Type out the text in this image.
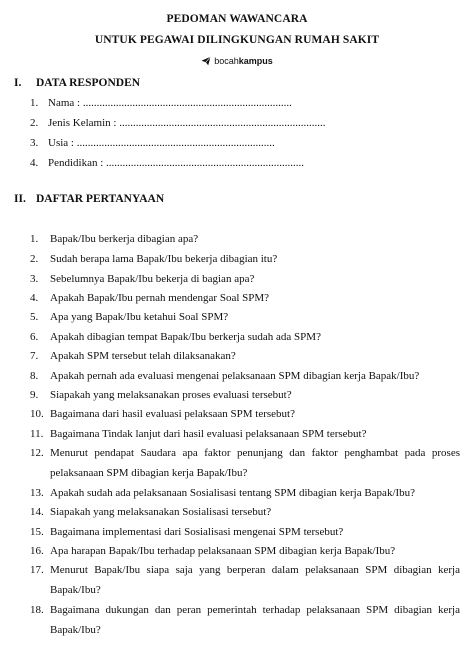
PEDOMAN WAWANCARA
UNTUK PEGAWAI DILINGKUNGAN RUMAH SAKIT
bocah kampus
I. DATA RESPONDEN
1. Nama : ............................................................................
2. Jenis Kelamin : ...........................................................................
3. Usia : ........................................................................
4. Pendidikan : ........................................................................
II. DAFTAR PERTANYAAN
1.	Bapak/Ibu berkerja dibagian apa?
2.	Sudah berapa lama Bapak/Ibu bekerja dibagian itu?
3.	Sebelumnya Bapak/Ibu bekerja di bagian apa?
4.	Apakah Bapak/Ibu pernah mendengar Soal SPM?
5.	Apa yang Bapak/Ibu ketahui Soal SPM?
6.	Apakah dibagian tempat Bapak/Ibu berkerja sudah ada SPM?
7.	Apakah SPM tersebut telah dilaksanakan?
8.	Apakah pernah ada evaluasi mengenai pelaksanaan SPM dibagian kerja Bapak/Ibu?
9.	Siapakah yang melaksanakan proses evaluasi tersebut?
10. Bagaimana dari hasil evaluasi pelaksaan SPM tersebut?
11. Bagaimana Tindak lanjut dari hasil evaluasi pelaksanaan SPM tersebut?
12. Menurut pendapat Saudara apa faktor penunjang dan faktor penghambat pada proses pelaksanaan SPM dibagian kerja Bapak/Ibu?
13. Apakah sudah ada pelaksanaan Sosialisasi tentang SPM dibagian kerja Bapak/Ibu?
14. Siapakah yang melaksanakan Sosialisasi tersebut?
15. Bagaimana implementasi dari Sosialisasi mengenai SPM tersebut?
16. Apa harapan Bapak/Ibu terhadap pelaksanaan SPM dibagian kerja Bapak/Ibu?
17. Menurut Bapak/Ibu siapa saja yang berperan dalam pelaksanaan SPM dibagian kerja Bapak/Ibu?
18. Bagaimana dukungan dan peran pemerintah terhadap pelaksanaan SPM dibagian kerja Bapak/Ibu?
